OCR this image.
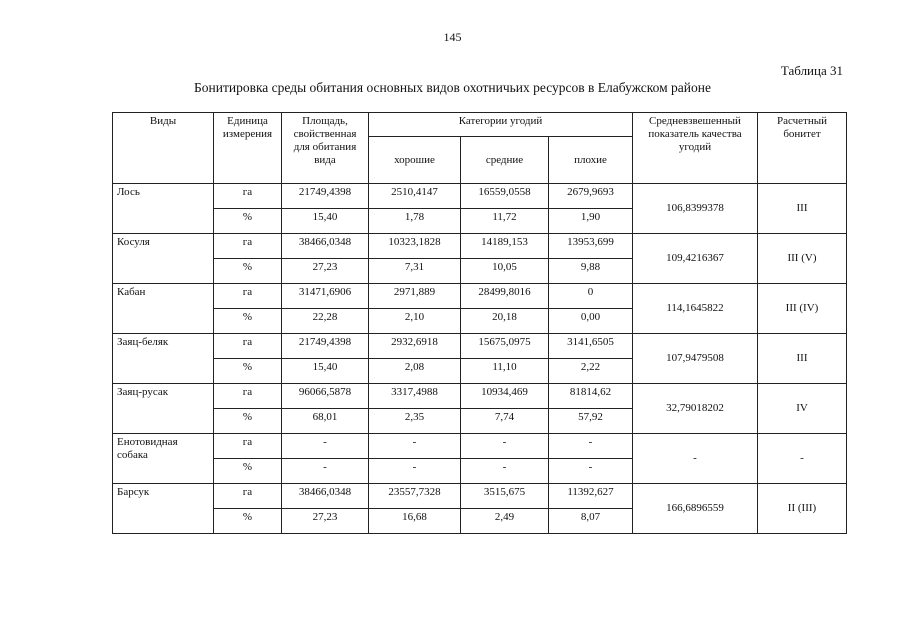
145
Таблица 31
Бонитировка среды обитания основных видов охотничьих ресурсов в Елабужском районе
Виды	Единица измерения	Площадь, свойственная для обитания вида	Категории угодий			Средневзвешенный показатель качества угодий	Расчетный бонитет
			хорошие	средние	плохие		
Лось	га	21749,4398	2510,4147	16559,0558	2679,9693	106,8399378	III
	%	15,40	1,78	11,72	1,90		
Косуля	га	38466,0348	10323,1828	14189,153	13953,699	109,4216367	III (V)
	%	27,23	7,31	10,05	9,88		
Кабан	га	31471,6906	2971,889	28499,8016	0	114,1645822	III (IV)
	%	22,28	2,10	20,18	0,00		
Заяц-беляк	га	21749,4398	2932,6918	15675,0975	3141,6505	107,9479508	III
	%	15,40	2,08	11,10	2,22		
Заяц-русак	га	96066,5878	3317,4988	10934,469	81814,62	32,79018202	IV
	%	68,01	2,35	7,74	57,92		
Енотовидная собака	га	-	-	-	-	-	-
	%	-	-	-	-		
Барсук	га	38466,0348	23557,7328	3515,675	11392,627	166,6896559	II (III)
	%	27,23	16,68	2,49	8,07		
